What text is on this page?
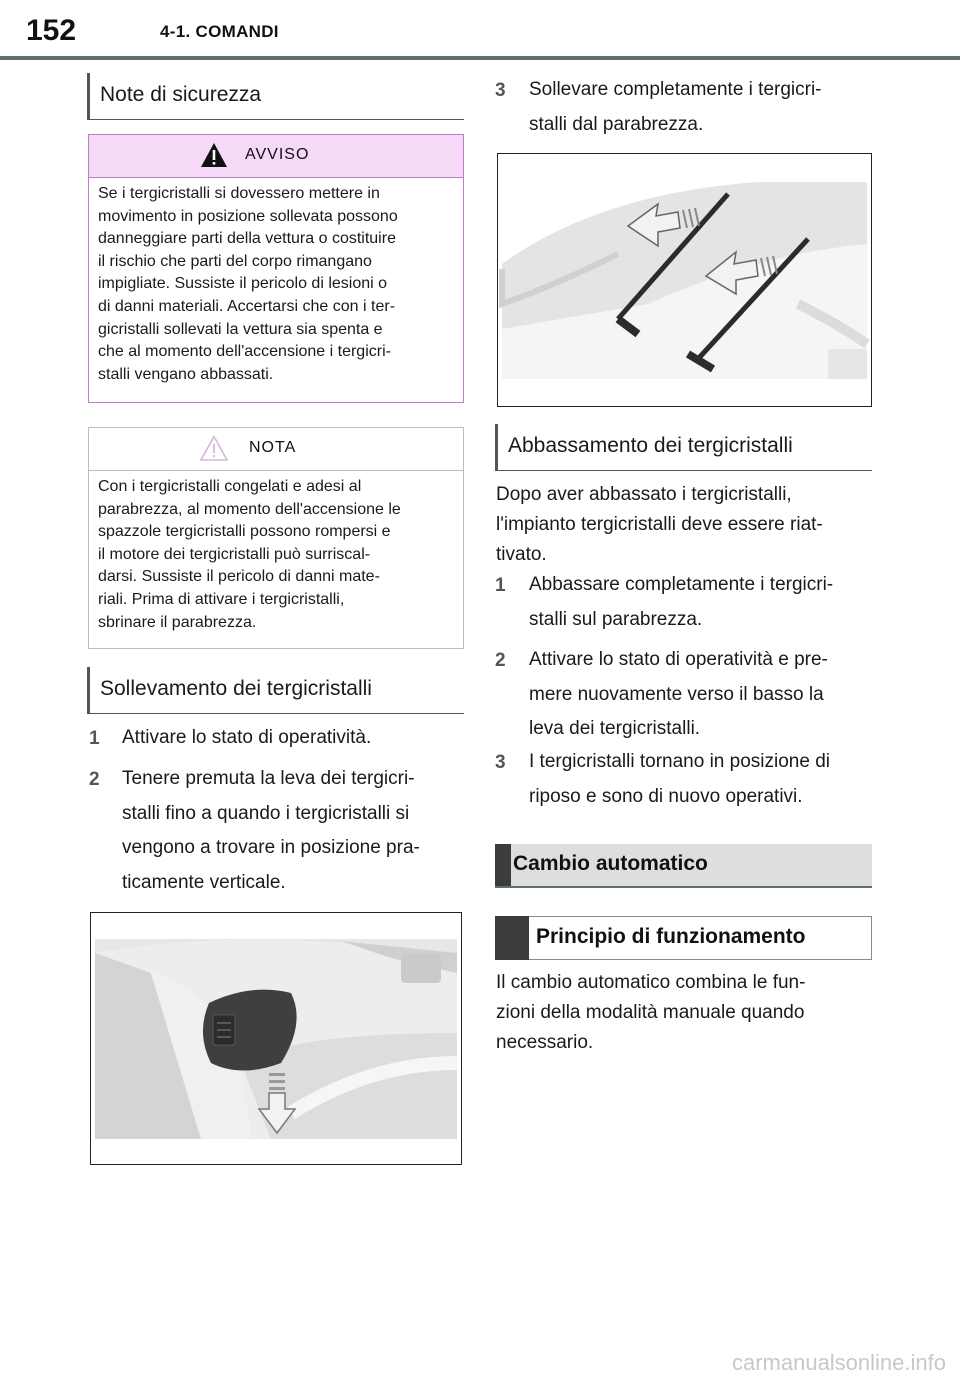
152	4-1. COMANDI
Note di sicurezza
AVVISO
Se i tergicristalli si dovessero mettere in
movimento in posizione sollevata possono
danneggiare parti della vettura o costituire
il rischio che parti del corpo rimangano
impigliate. Sussiste il pericolo di lesioni o
di danni materiali. Accertarsi che con i ter-
gicristalli sollevati la vettura sia spenta e
che al momento dell'accensione i tergicri-
stalli vengano abbassati.
NOTA
Con i tergicristalli congelati e adesi al
parabrezza, al momento dell'accensione le
spazzole tergicristalli possono rompersi e
il motore dei tergicristalli può surriscal-
darsi. Sussiste il pericolo di danni mate-
riali. Prima di attivare i tergicristalli,
sbrinare il parabrezza.
Sollevamento dei tergicristalli
1 Attivare lo stato di operatività.
2 Tenere premuta la leva dei tergicri-
stalli fino a quando i tergicristalli si
vengono a trovare in posizione pra-
ticamente verticale.
3 Sollevare completamente i tergicri-
stalli dal parabrezza.
Abbassamento dei tergicristalli
Dopo aver abbassato i tergicristalli,
l'impianto tergicristalli deve essere riat-
tivato.
1 Abbassare completamente i tergicri-
stalli sul parabrezza.
2 Attivare lo stato di operatività e pre-
mere nuovamente verso il basso la
leva dei tergicristalli.
3 I tergicristalli tornano in posizione di
riposo e sono di nuovo operativi.
Cambio automatico
Principio di funzionamento
Il cambio automatico combina le fun-
zioni della modalità manuale quando
necessario.
carmanualsonline.info
